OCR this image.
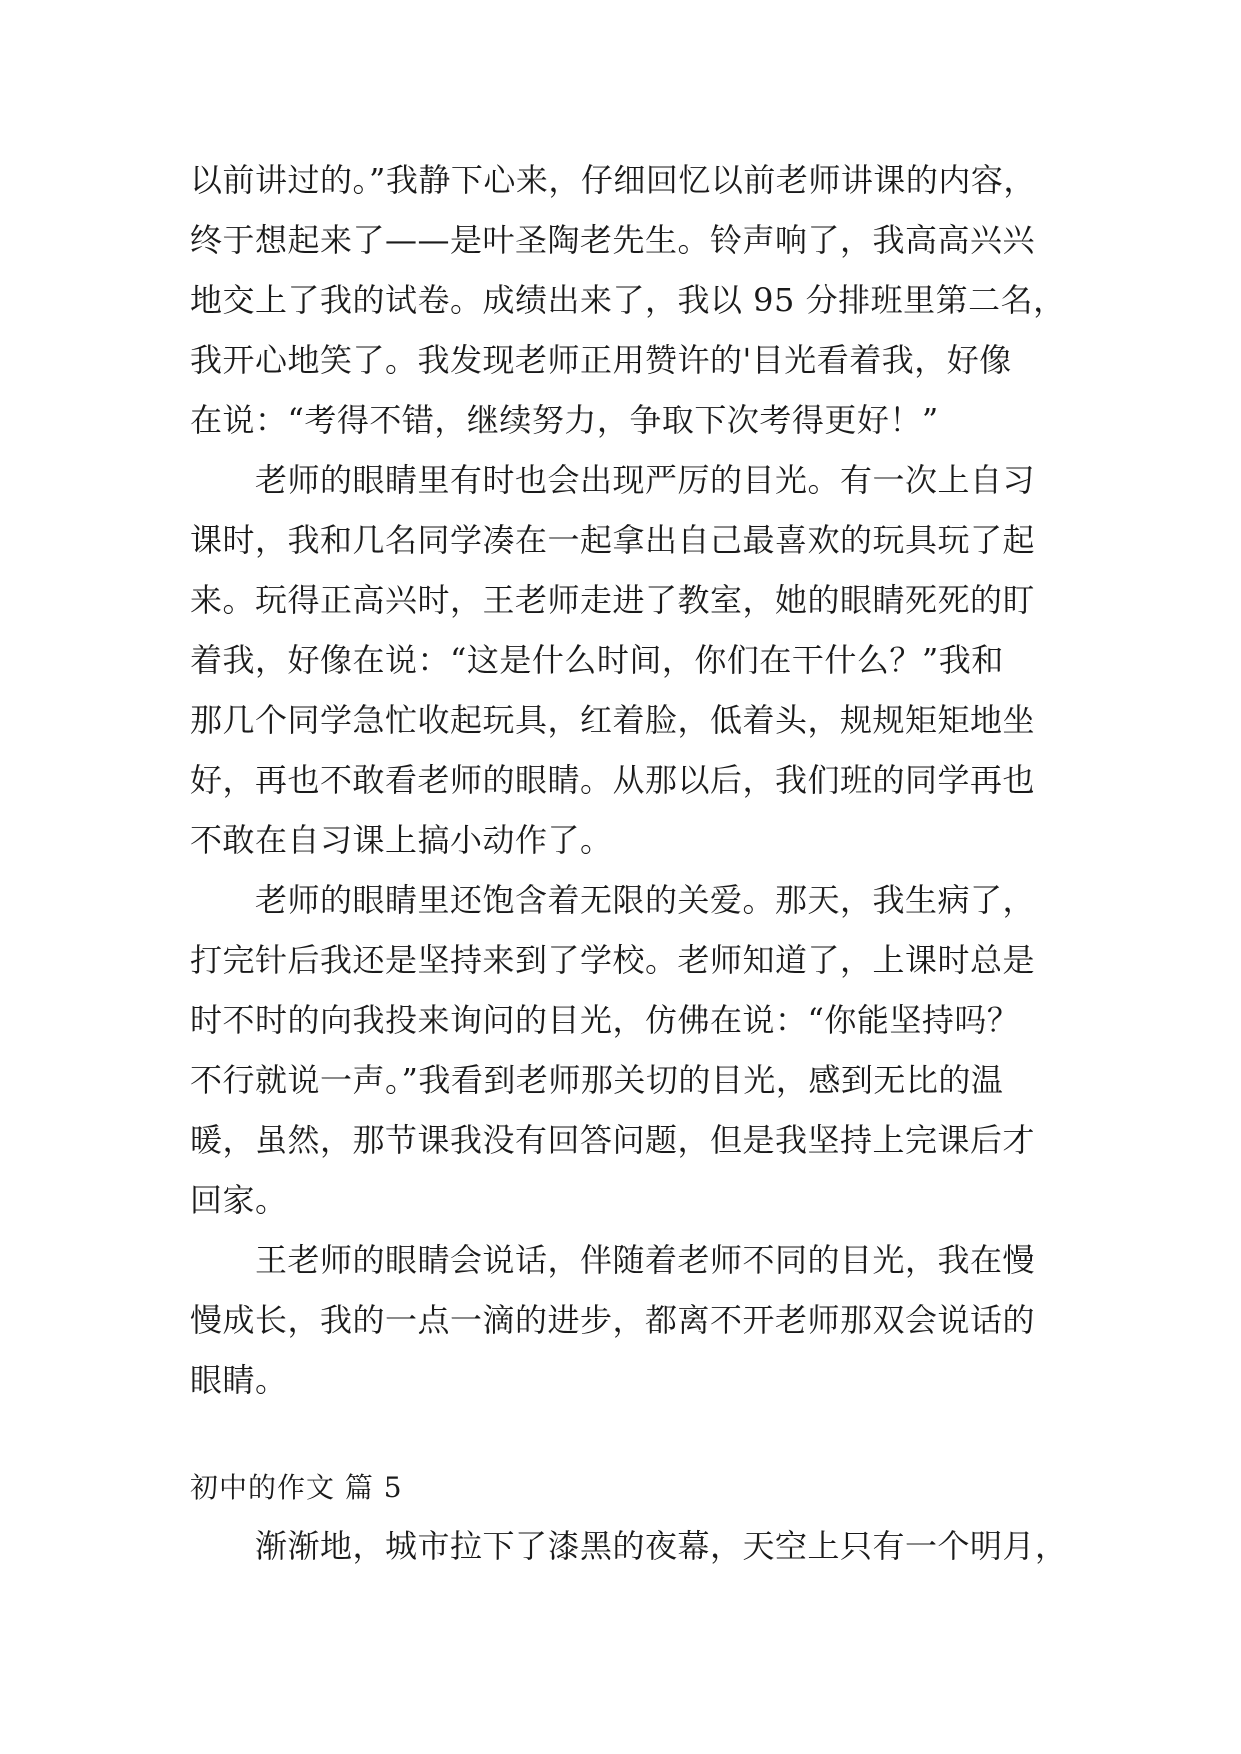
以前讲过的。”我静下心来，仔细回忆以前老师讲课的内容，
终于想起来了——是叶圣陶老先生。铃声响了，我高高兴兴
地交上了我的试卷。成绩出来了，我以 95 分排班里第二名，
我开心地笑了。我发现老师正用赞许的'目光看着我，好像
在说：“考得不错，继续努力，争取下次考得更好！”
老师的眼睛里有时也会出现严厉的目光。有一次上自习
课时，我和几名同学凑在一起拿出自己最喜欢的玩具玩了起
来。玩得正高兴时，王老师走进了教室，她的眼睛死死的盯
着我，好像在说：“这是什么时间，你们在干什么？”我和
那几个同学急忙收起玩具，红着脸，低着头，规规矩矩地坐
好，再也不敢看老师的眼睛。从那以后，我们班的同学再也
不敢在自习课上搞小动作了。
老师的眼睛里还饱含着无限的关爱。那天，我生病了，
打完针后我还是坚持来到了学校。老师知道了，上课时总是
时不时的向我投来询问的目光，仿佛在说：“你能坚持吗？
不行就说一声。”我看到老师那关切的目光，感到无比的温
暖，虽然，那节课我没有回答问题，但是我坚持上完课后才
回家。
王老师的眼睛会说话，伴随着老师不同的目光，我在慢
慢成长，我的一点一滴的进步，都离不开老师那双会说话的
眼睛。
初中的作文 篇 5
渐渐地，城市拉下了漆黑的夜幕，天空上只有一个明月，
